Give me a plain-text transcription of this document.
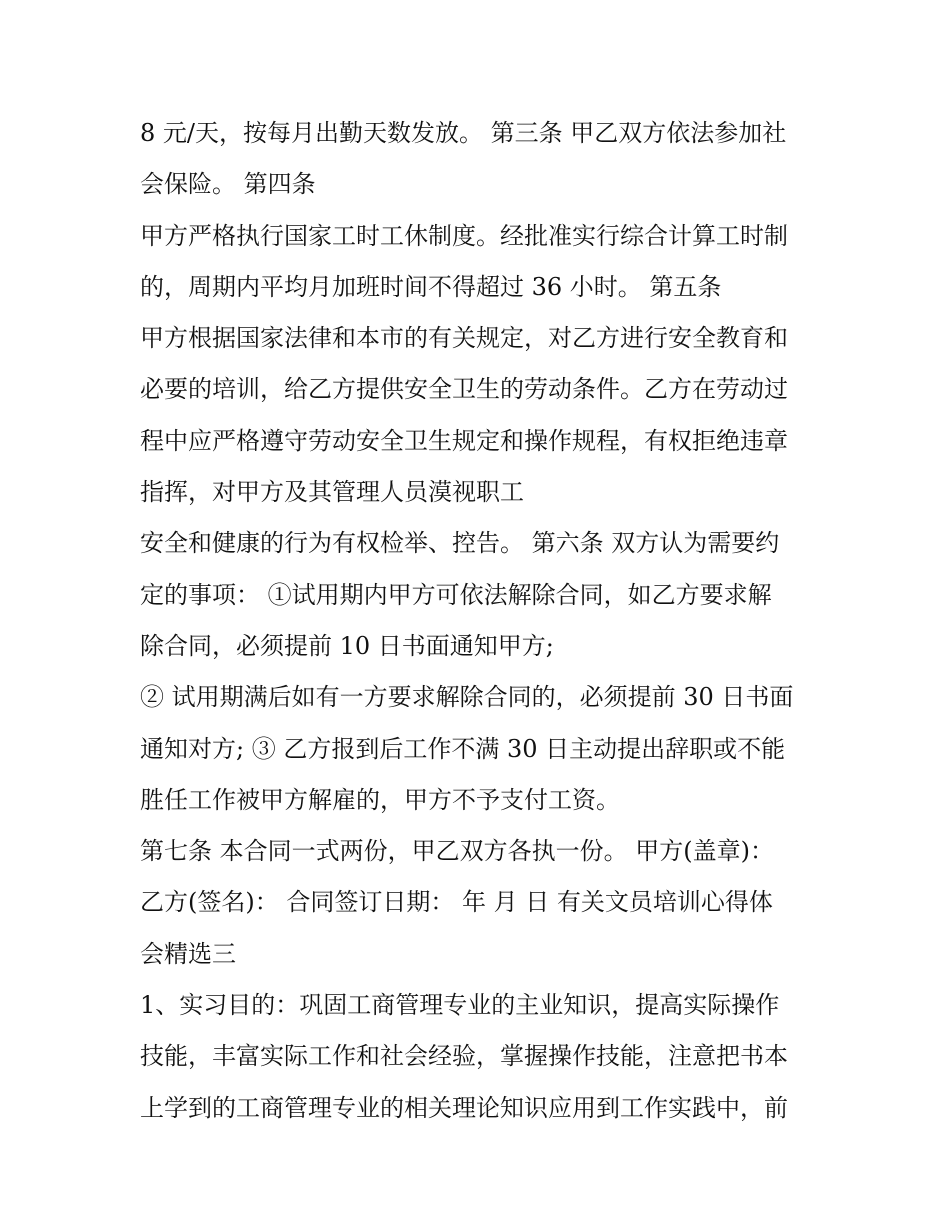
8 元/天，按每月出勤天数发放。 第三条 甲乙双方依法参加社
会保险。 第四条
甲方严格执行国家工时工休制度。经批准实行综合计算工时制
的，周期内平均月加班时间不得超过 36 小时。 第五条
甲方根据国家法律和本市的有关规定，对乙方进行安全教育和
必要的培训，给乙方提供安全卫生的劳动条件。乙方在劳动过
程中应严格遵守劳动安全卫生规定和操作规程，有权拒绝违章
指挥，对甲方及其管理人员漠视职工
安全和健康的行为有权检举、控告。 第六条 双方认为需要约
定的事项： ①试用期内甲方可依法解除合同，如乙方要求解
除合同，必须提前 10 日书面通知甲方;
② 试用期满后如有一方要求解除合同的，必须提前 30 日书面
通知对方; ③ 乙方报到后工作不满 30 日主动提出辞职或不能
胜任工作被甲方解雇的，甲方不予支付工资。
第七条 本合同一式两份，甲乙双方各执一份。 甲方(盖章)：
乙方(签名)： 合同签订日期： 年 月 日 有关文员培训心得体
会精选三
1、实习目的：巩固工商管理专业的主业知识，提高实际操作
技能，丰富实际工作和社会经验，掌握操作技能，注意把书本
上学到的工商管理专业的相关理论知识应用到工作实践中，前
